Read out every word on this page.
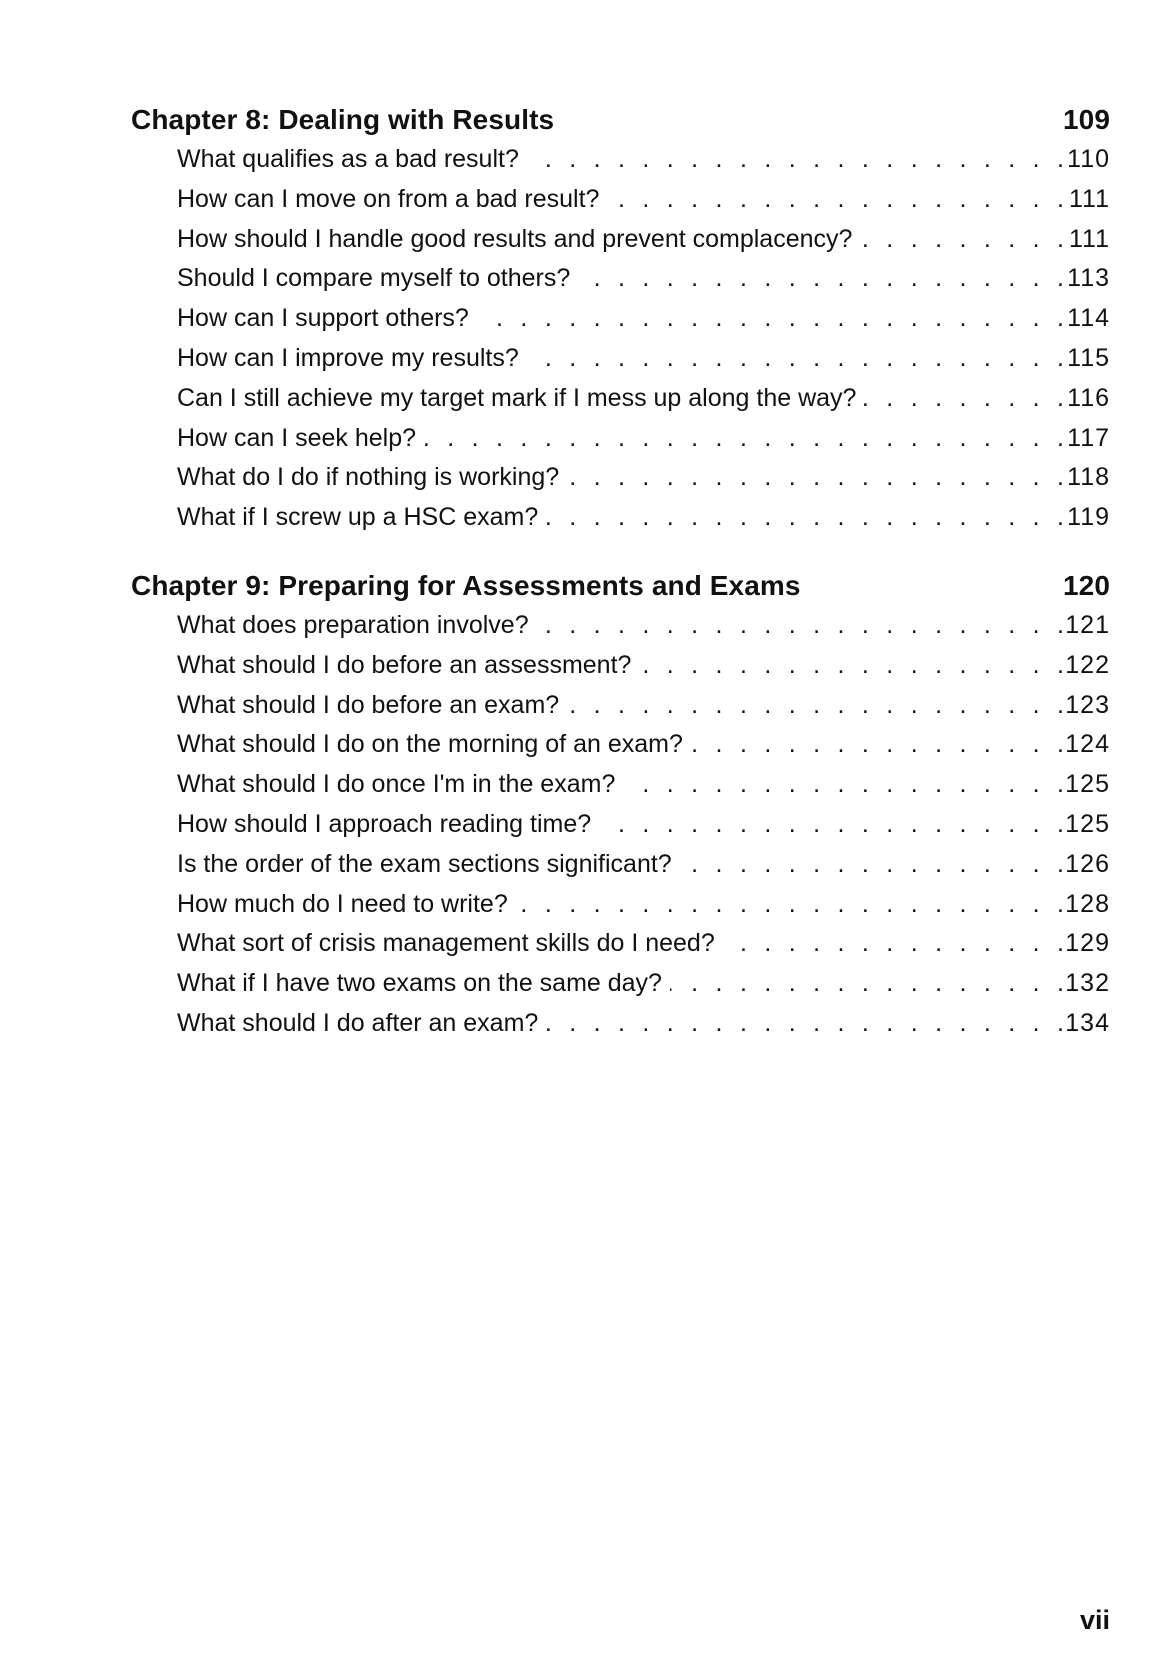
Chapter 8: Dealing with Results	109
What qualifies as a bad result? . . .	110
How can I move on from a bad result? . . .	111
How should I handle good results and prevent complacency? . . .	111
Should I compare myself to others? . . .	113
How can I support others? . . .	114
How can I improve my results? . . .	115
Can I still achieve my target mark if I mess up along the way? . . .	116
How can I seek help? . . .	117
What do I do if nothing is working? . . .	118
What if I screw up a HSC exam? . . .	119
Chapter 9: Preparing for Assessments and Exams	120
What does preparation involve? . . .	121
What should I do before an assessment? . . .	122
What should I do before an exam? . . .	123
What should I do on the morning of an exam? . . .	124
What should I do once I'm in the exam? . . .	125
How should I approach reading time? . . .	125
Is the order of the exam sections significant? . . .	126
How much do I need to write? . . .	128
What sort of crisis management skills do I need? . . .	129
What if I have two exams on the same day? . . .	132
What should I do after an exam? . . .	134
vii
